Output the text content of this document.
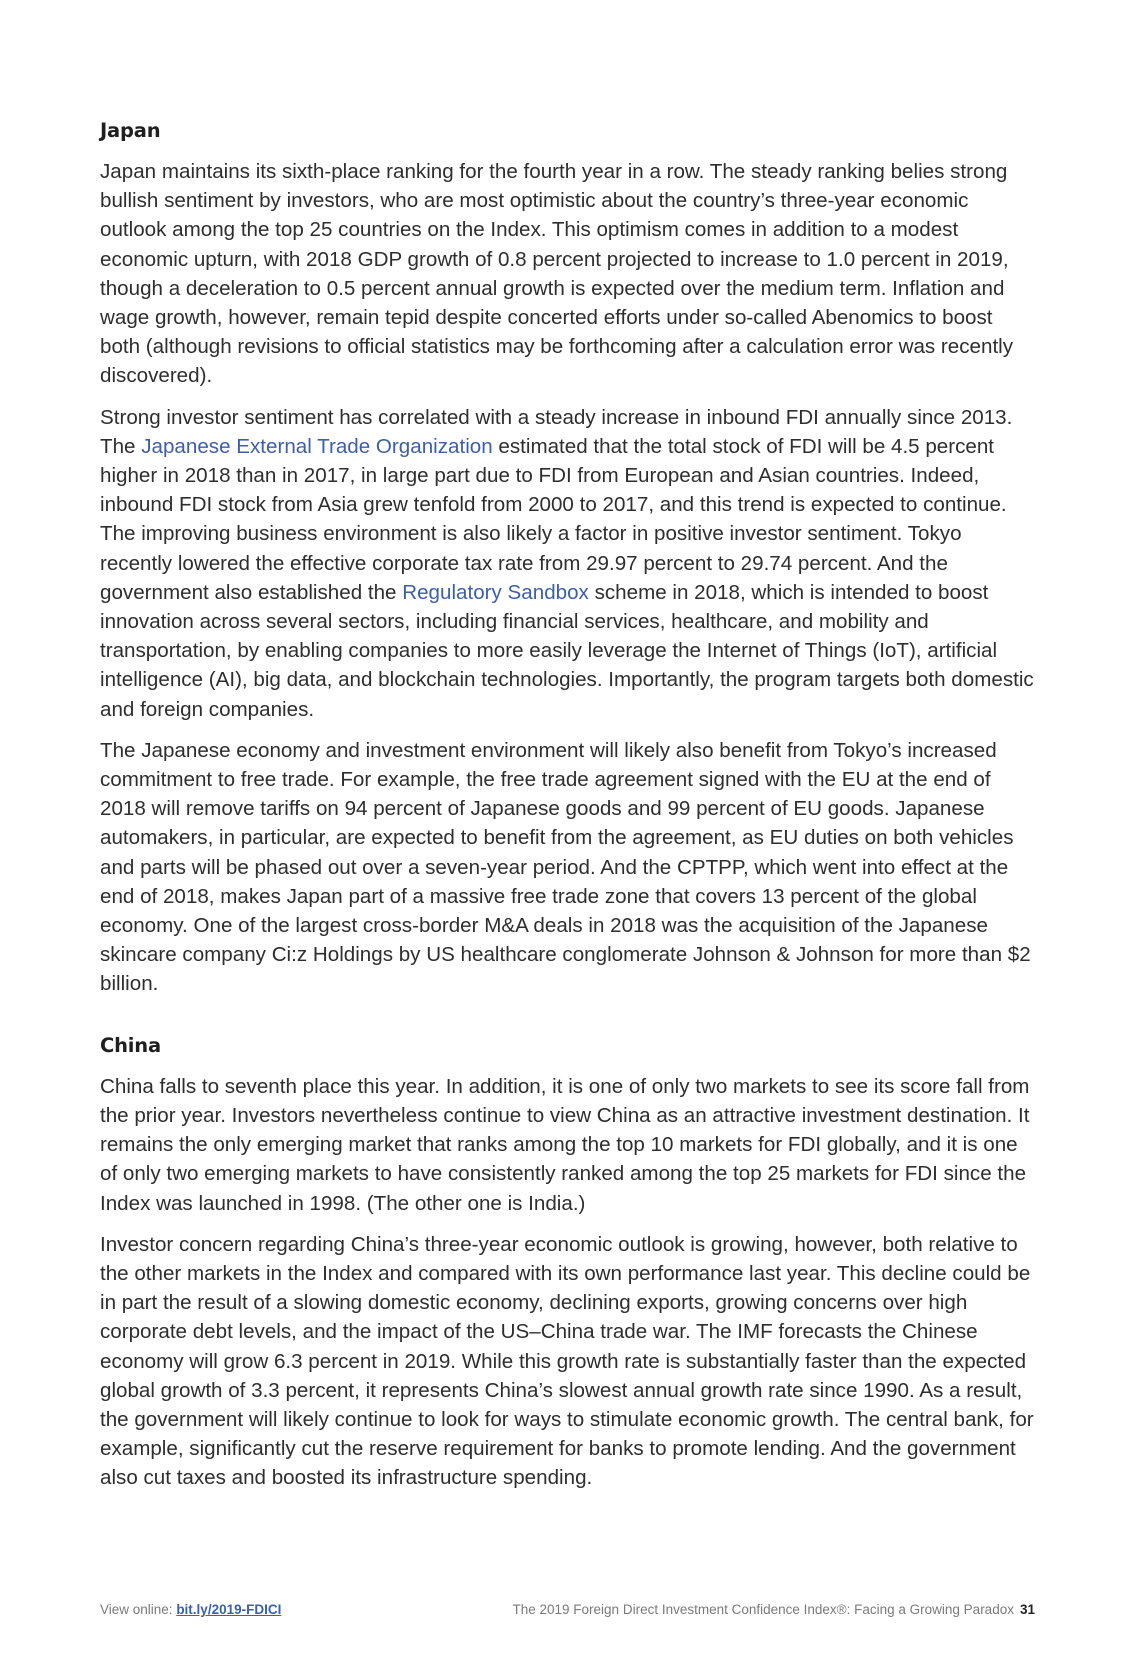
Japan

Japan maintains its sixth-place ranking for the fourth year in a row. The steady ranking belies strong bullish sentiment by investors, who are most optimistic about the country’s three-year economic outlook among the top 25 countries on the Index. This optimism comes in addition to a modest economic upturn, with 2018 GDP growth of 0.8 percent projected to increase to 1.0 percent in 2019, though a deceleration to 0.5 percent annual growth is expected over the medium term. Inflation and wage growth, however, remain tepid despite concerted efforts under so-called Abenomics to boost both (although revisions to official statistics may be forthcoming after a calculation error was recently discovered).

Strong investor sentiment has correlated with a steady increase in inbound FDI annually since 2013. The Japanese External Trade Organization estimated that the total stock of FDI will be 4.5 percent higher in 2018 than in 2017, in large part due to FDI from European and Asian countries. Indeed, inbound FDI stock from Asia grew tenfold from 2000 to 2017, and this trend is expected to continue. The improving business environment is also likely a factor in positive investor sentiment. Tokyo recently lowered the effective corporate tax rate from 29.97 percent to 29.74 percent. And the government also established the Regulatory Sandbox scheme in 2018, which is intended to boost innovation across several sectors, including financial services, healthcare, and mobility and transportation, by enabling companies to more easily leverage the Internet of Things (IoT), artificial intelligence (AI), big data, and blockchain technologies. Importantly, the program targets both domestic and foreign companies.

The Japanese economy and investment environment will likely also benefit from Tokyo’s increased commitment to free trade. For example, the free trade agreement signed with the EU at the end of 2018 will remove tariffs on 94 percent of Japanese goods and 99 percent of EU goods. Japanese automakers, in particular, are expected to benefit from the agreement, as EU duties on both vehicles and parts will be phased out over a seven-year period. And the CPTPP, which went into effect at the end of 2018, makes Japan part of a massive free trade zone that covers 13 percent of the global economy. One of the largest cross-border M&A deals in 2018 was the acquisition of the Japanese skincare company Ci:z Holdings by US healthcare conglomerate Johnson & Johnson for more than $2 billion.

China

China falls to seventh place this year. In addition, it is one of only two markets to see its score fall from the prior year. Investors nevertheless continue to view China as an attractive investment destination. It remains the only emerging market that ranks among the top 10 markets for FDI globally, and it is one of only two emerging markets to have consistently ranked among the top 25 markets for FDI since the Index was launched in 1998. (The other one is India.)

Investor concern regarding China’s three-year economic outlook is growing, however, both relative to the other markets in the Index and compared with its own performance last year. This decline could be in part the result of a slowing domestic economy, declining exports, growing concerns over high corporate debt levels, and the impact of the US–China trade war. The IMF forecasts the Chinese economy will grow 6.3 percent in 2019. While this growth rate is substantially faster than the expected global growth of 3.3 percent, it represents China’s slowest annual growth rate since 1990. As a result, the government will likely continue to look for ways to stimulate economic growth. The central bank, for example, significantly cut the reserve requirement for banks to promote lending. And the government also cut taxes and boosted its infrastructure spending.

View online: bit.ly/2019-FDICI	The 2019 Foreign Direct Investment Confidence Index®: Facing a Growing Paradox 31
